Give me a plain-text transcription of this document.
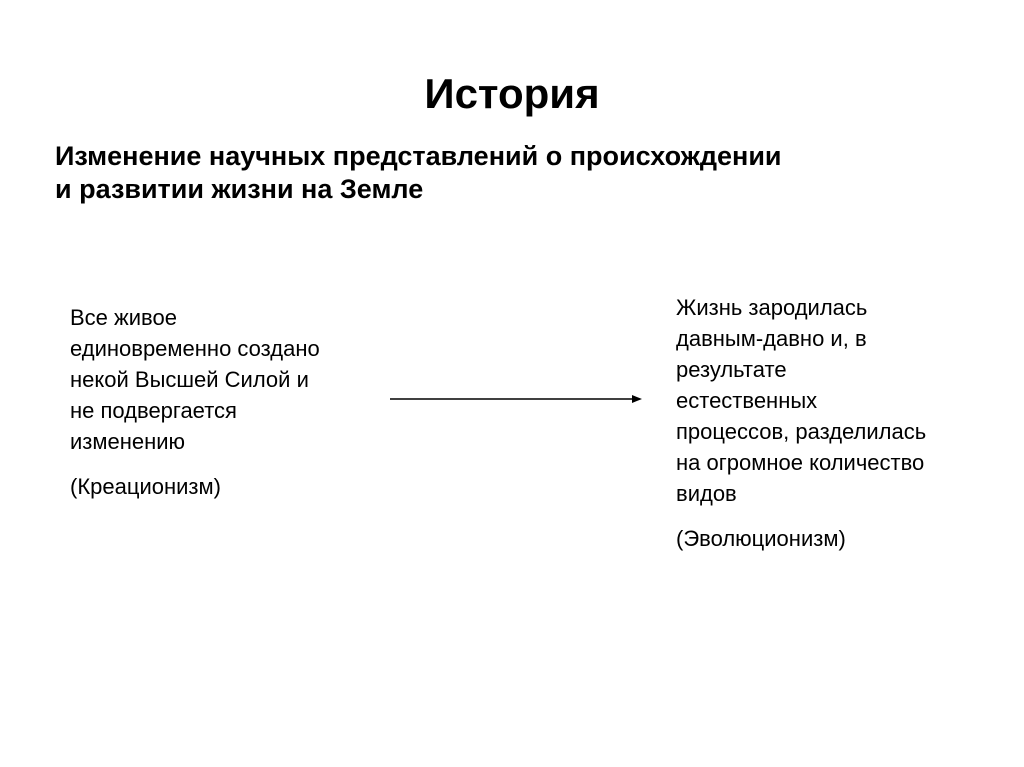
История
Изменение научных представлений о происхождении
и развитии жизни на Земле

Все живое

единовременно создано

некой Высшей Силой и

не подвергается

изменению

(Креационизм)

Жизнь зародилась

давным-давно и, в

результате

естественных

процессов, разделилась

на огромное количество

видов

(Эволюционизм)
